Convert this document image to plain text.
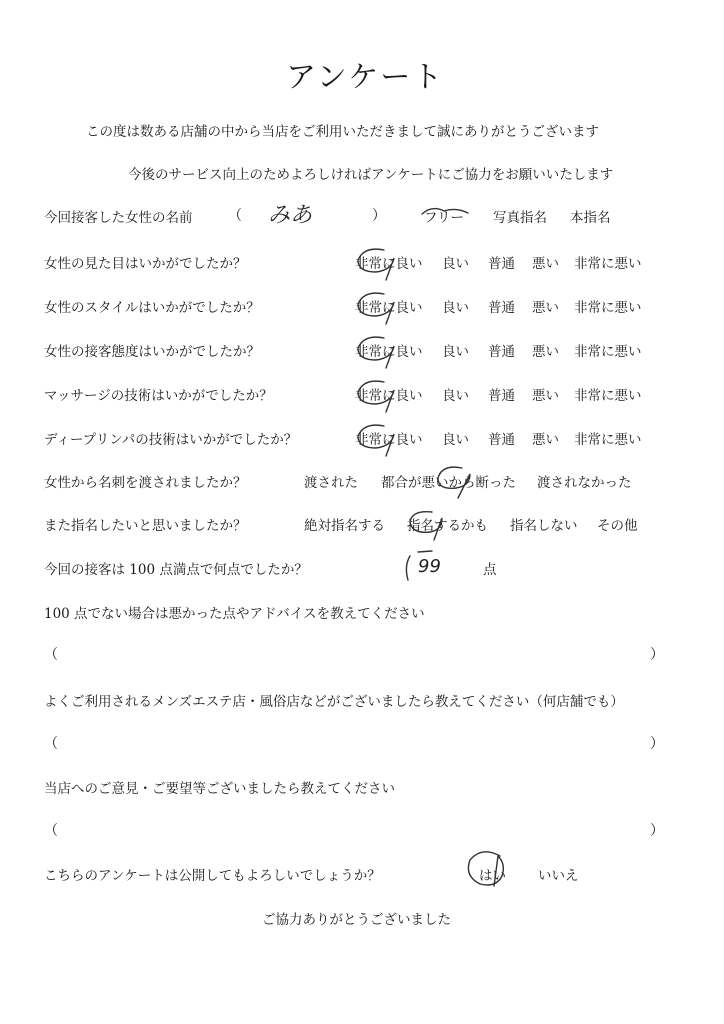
アンケート
この度は数ある店舗の中から当店をご利用いただきまして誠にありがとうございます
今後のサービス向上のためよろしければアンケートにご協力をお願いいたします
今回接客した女性の名前	（ みあ	）	フリー 写真指名 本指名
女性の見た目はいかがでしたか？	非常に良い 良い 普通 悪い 非常に悪い
女性のスタイルはいかがでしたか？	非常に良い 良い 普通 悪い 非常に悪い
女性の接客態度はいかがでしたか？	非常に良い 良い 普通 悪い 非常に悪い
マッサージの技術はいかがでしたか？	非常に良い 良い 普通 悪い 非常に悪い
ディープリンパの技術はいかがでしたか？	非常に良い 良い 普通 悪い 非常に悪い
女性から名刺を渡されましたか？	渡された 都合が悪いから断った 渡されなかった
また指名したいと思いましたか？	絶対指名する 指名するかも 指名しない その他
今回の接客は 100 点満点で何点でしたか？	99	点
100 点でない場合は悪かった点やアドバイスを教えてください
（	）
よくご利用されるメンズエステ店・風俗店などがございましたら教えてください（何店舗でも）
（	）
当店へのご意見・ご要望等ございましたら教えてください
（	）
こちらのアンケートは公開してもよろしいでしょうか？	はい いいえ
ご協力ありがとうございました
